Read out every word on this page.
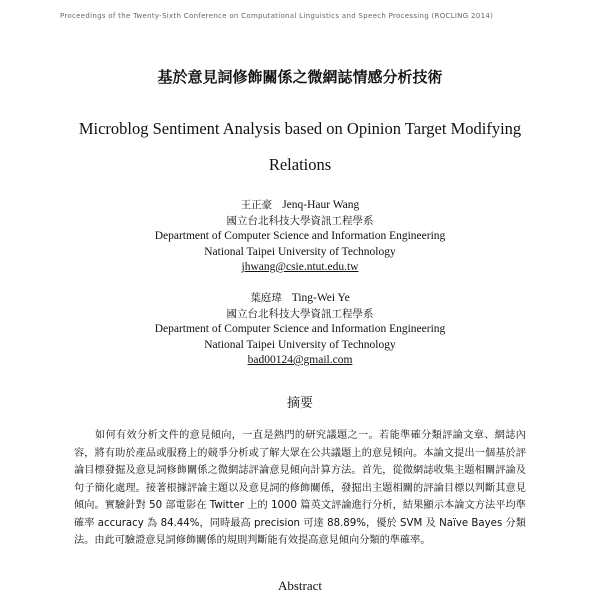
Proceedings of the Twenty-Sixth Conference on Computational Linguistics and Speech Processing (ROCLING 2014)
基於意見詞修飾關係之微網誌情感分析技術
Microblog Sentiment Analysis based on Opinion Target Modifying
Relations
王正豪 Jenq-Haur Wang
國立台北科技大學資訊工程學系
Department of Computer Science and Information Engineering
National Taipei University of Technology
jhwang@csie.ntut.edu.tw
葉庭瑋 Ting-Wei Ye
國立台北科技大學資訊工程學系
Department of Computer Science and Information Engineering
National Taipei University of Technology
bad00124@gmail.com
摘要

如何有效分析文件的意見傾向，一直是熱門的研究議題之一。若能準確分類評論文章、網誌內容，將有助於產品或服務上的競爭分析或了解大眾在公共議題上的意見傾向。本論文提出一個基於評論目標發掘及意見詞修飾關係之微網誌評論意見傾向計算方法。首先，從微網誌收集主題相關評論及句子簡化處理。接著根據評論主題以及意見詞的修飾關係，發掘出主題相關的評論目標以判斷其意見傾向。實驗針對 50 部電影在 Twitter 上的 1000 篇英文評論進行分析，結果顯示本論文方法平均準確率 accuracy 為 84.44%，同時最高 precision 可達 88.89%，優於 SVM 及 Naïve Bayes 分類法。由此可驗證意見詞修飾關係的規則判斷能有效提高意見傾向分類的準確率。

Abstract
